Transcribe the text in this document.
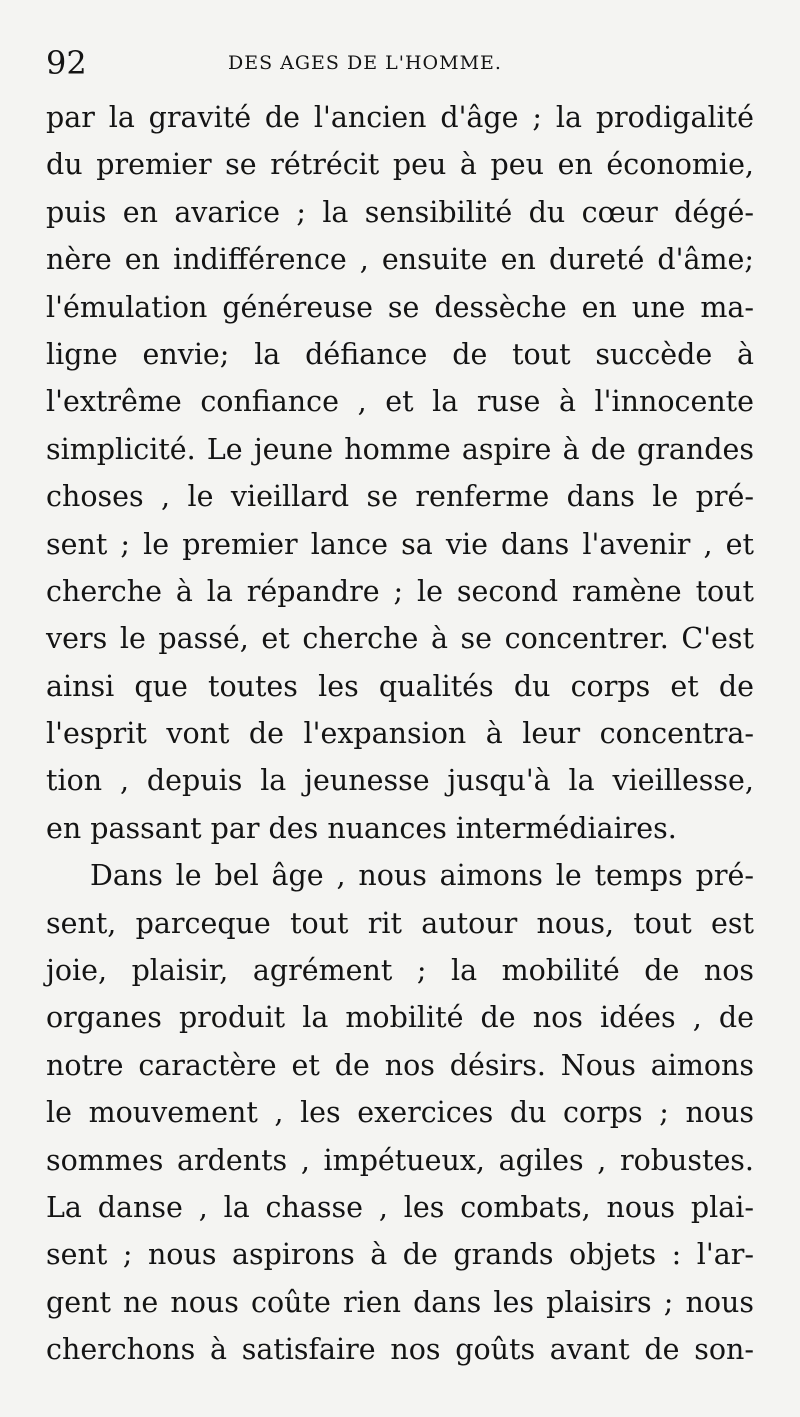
92	DES AGES DE L'HOMME.
par la gravité de l'ancien d'âge ; la prodigalité
du premier se rétrécit peu à peu en économie,
puis en avarice ; la sensibilité du cœur dégé-
nère en indifférence , ensuite en dureté d'âme;
l'émulation généreuse se dessèche en une ma-
ligne envie; la défiance de tout succède à
l'extrême confiance , et la ruse à l'innocente
simplicité. Le jeune homme aspire à de grandes
choses , le vieillard se renferme dans le pré-
sent ; le premier lance sa vie dans l'avenir , et
cherche à la répandre ; le second ramène tout
vers le passé, et cherche à se concentrer. C'est
ainsi que toutes les qualités du corps et de
l'esprit vont de l'expansion à leur concentra-
tion , depuis la jeunesse jusqu'à la vieillesse,
en passant par des nuances intermédiaires.
Dans le bel âge , nous aimons le temps pré-
sent, parceque tout rit autour nous, tout est
joie, plaisir, agrément ; la mobilité de nos
organes produit la mobilité de nos idées , de
notre caractère et de nos désirs. Nous aimons
le mouvement , les exercices du corps ; nous
sommes ardents , impétueux, agiles , robustes.
La danse , la chasse , les combats, nous plai-
sent ; nous aspirons à de grands objets : l'ar-
gent ne nous coûte rien dans les plaisirs ; nous
cherchons à satisfaire nos goûts avant de son-
